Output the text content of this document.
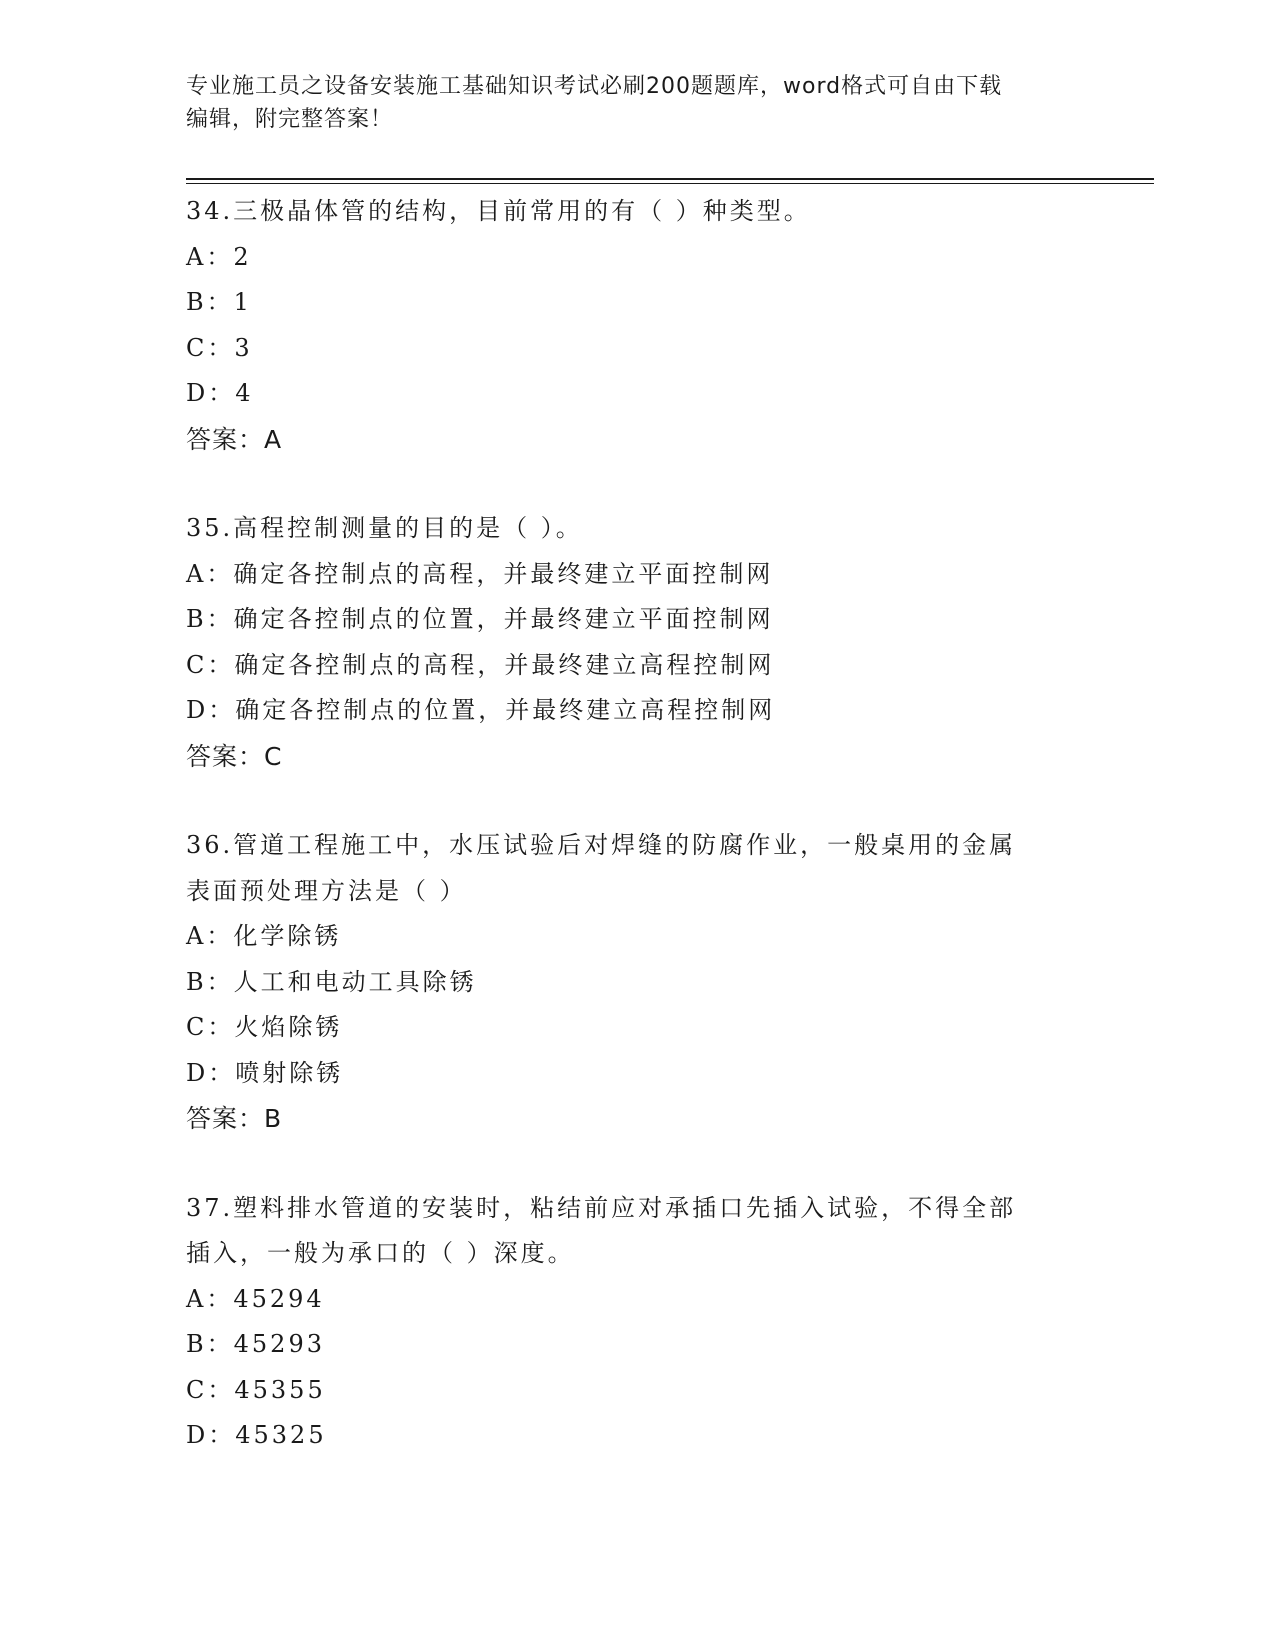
专业施工员之设备安装施工基础知识考试必刷200题题库，word格式可自由下载
编辑，附完整答案！
34.三极晶体管的结构，目前常用的有（ ）种类型。
A：2
B：1
C：3
D：4
答案：A
35.高程控制测量的目的是（ ）。
A：确定各控制点的高程，并最终建立平面控制网
B：确定各控制点的位置，并最终建立平面控制网
C：确定各控制点的高程，并最终建立高程控制网
D：确定各控制点的位置，并最终建立高程控制网
答案：C
36.管道工程施工中，水压试验后对焊缝的防腐作业，一般桌用的金属
表面预处理方法是（ ）
A：化学除锈
B：人工和电动工具除锈
C：火焰除锈
D：喷射除锈
答案：B
37.塑料排水管道的安装时，粘结前应对承插口先插入试验，不得全部
插入，一般为承口的（ ）深度。
A：45294
B：45293
C：45355
D：45325
